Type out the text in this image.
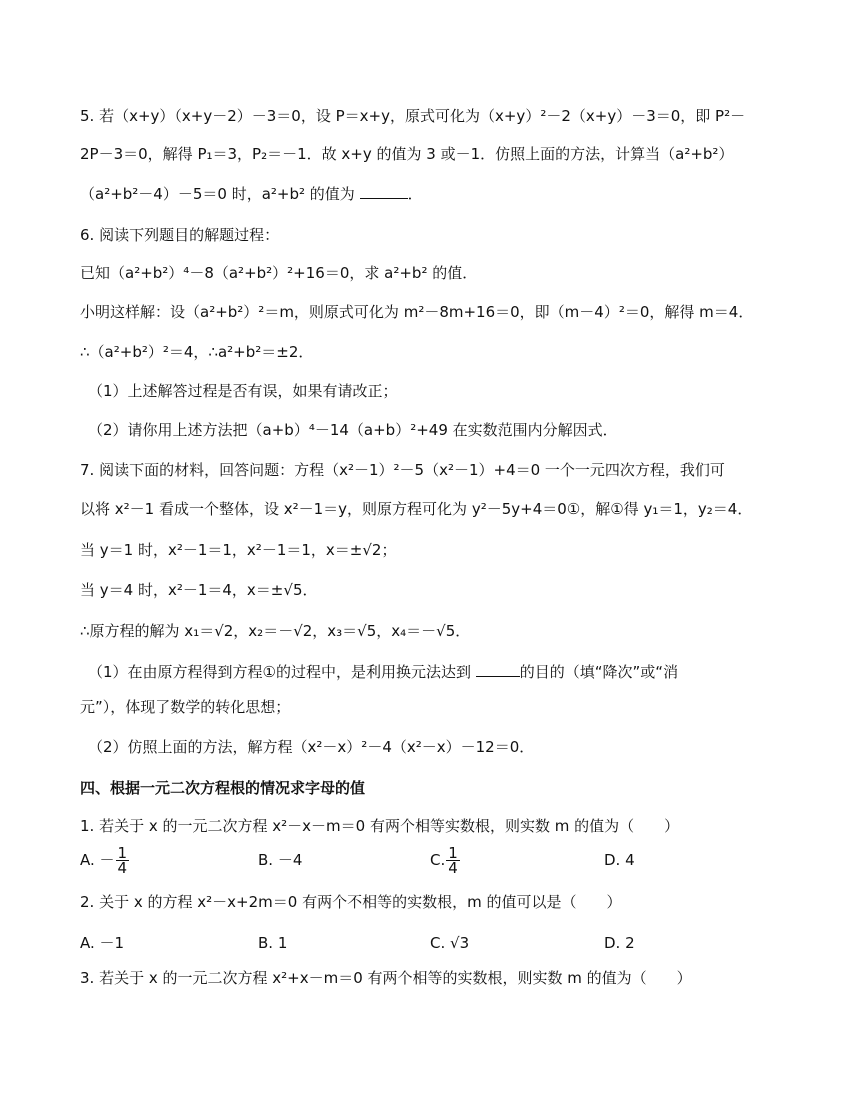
5. 若（x+y）（x+y－2）－3＝0，设 P＝x+y，原式可化为（x+y）²－2（x+y）－3＝0，即 P²－
2P－3＝0，解得 P₁＝3，P₂＝－1．故 x+y 的值为 3 或－1．仿照上面的方法，计算当（a²+b²）
（a²+b²－4）－5＝0 时，a²+b² 的值为	．
6. 阅读下列题目的解题过程：
已知（a²+b²）⁴－8（a²+b²）²+16＝0，求 a²+b² 的值．
小明这样解：设（a²+b²）²＝m，则原式可化为 m²－8m+16＝0，即（m－4）²＝0，解得 m＝4．
∴（a²+b²）²＝4，∴a²+b²＝±2．
（1）上述解答过程是否有误，如果有请改正；
（2）请你用上述方法把（a+b）⁴－14（a+b）²+49 在实数范围内分解因式．
7. 阅读下面的材料，回答问题：方程（x²－1）²－5（x²－1）+4＝0 一个一元四次方程，我们可
以将 x²－1 看成一个整体，设 x²－1＝y，则原方程可化为 y²－5y+4＝0①，解①得 y₁＝1，y₂＝4．
当 y＝1 时，x²－1＝1，x²－1＝1，x＝±√2；
当 y＝4 时，x²－1＝4，x＝±√5．
∴原方程的解为 x₁＝√2，x₂＝－√2，x₃＝√5，x₄＝－√5．
（1）在由原方程得到方程①的过程中，是利用换元法达到	的目的（填“降次”或“消
元”），体现了数学的转化思想；
（2）仿照上面的方法，解方程（x²－x）²－4（x²－x）－12＝0．
四、根据一元二次方程根的情况求字母的值
1. 若关于 x 的一元二次方程 x²－x－m＝0 有两个相等实数根，则实数 m 的值为（　　）
A. － $\frac{1}{4}$	B. －4	C. $\frac{1}{4}$	D. 4
2. 关于 x 的方程 x²－x+2m＝0 有两个不相等的实数根，m 的值可以是（　　）
A. －1	B. 1	C. √3	D. 2
3. 若关于 x 的一元二次方程 x²+x－m＝0 有两个相等的实数根，则实数 m 的值为（　　）
